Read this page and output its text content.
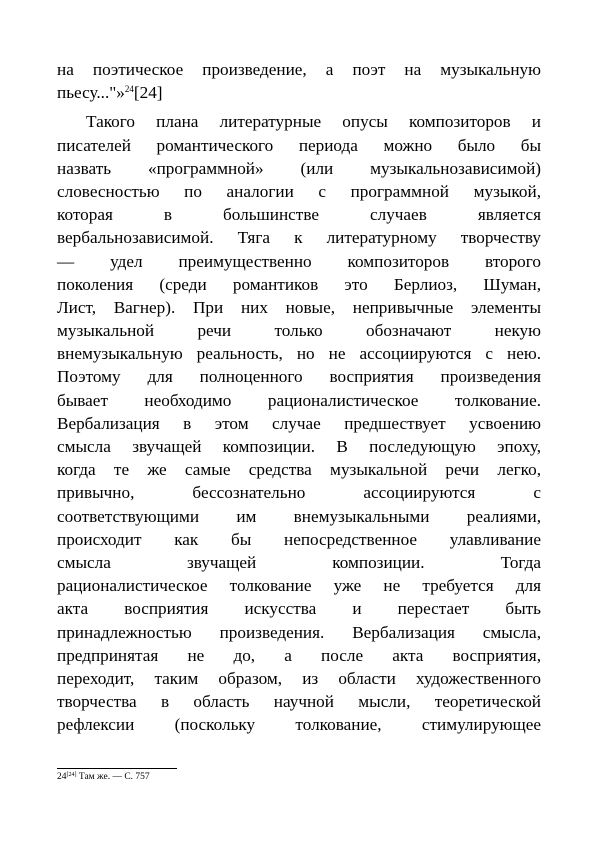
на поэтическое произведение, а поэт на музыкальную
пьесу..."»$^{24}$[24]
Такого плана литературные опусы композиторов и
писателей романтического периода можно было бы
назвать «программной» (или музыкальнозависимой)
словесностью по аналогии с программной музыкой,
которая в большинстве случаев является
вербальнозависимой. Тяга к литературному творчеству
— удел преимущественно композиторов второго
поколения (среди романтиков это Берлиоз, Шуман,
Лист, Вагнер). При них новые, непривычные элементы
музыкальной речи только обозначают некую
внемузыкальную реальность, но не ассоциируются с нею.
Поэтому для полноценного восприятия произведения
бывает необходимо рационалистическое толкование.
Вербализация в этом случае предшествует усвоению
смысла звучащей композиции. В последующую эпоху,
когда те же самые средства музыкальной речи легко,
привычно, бессознательно ассоциируются с
соответствующими им внемузыкальными реалиями,
происходит как бы непосредственное улавливание
смысла звучащей композиции. Тогда
рационалистическое толкование уже не требуется для
акта восприятия искусства и перестает быть
принадлежностью произведения. Вербализация смысла,
предпринятая не до, а после акта восприятия,
переходит, таким образом, из области художественного
творчества в область научной мысли, теоретической
рефлексии (поскольку толкование, стимулирующее
24[24] Там же. — С. 757
